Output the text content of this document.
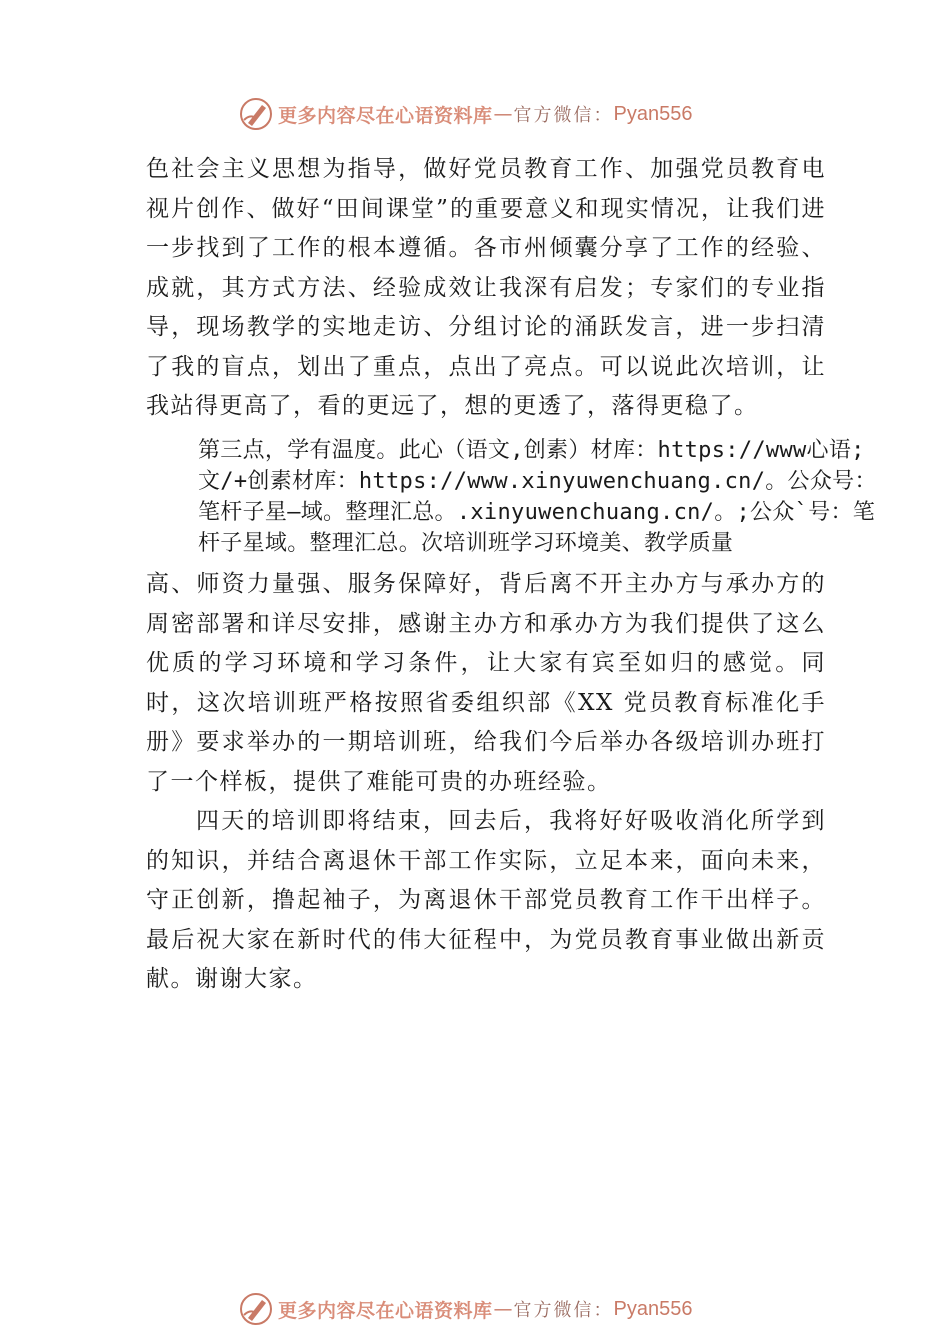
更多内容尽在心语资料库 — 官方微信： Pyan556

色社会主义思想为指导，做好党员教育工作、加强党员教育电视片创作、做好“田间课堂”的重要意义和现实情况，让我们进一步找到了工作的根本遵循。各市州倾囊分享了工作的经验、成就，其方式方法、经验成效让我深有启发；专家们的专业指导，现场教学的实地走访、分组讨论的涌跃发言，进一步扫清了我的盲点，划出了重点，点出了亮点。可以说此次培训，让我站得更高了，看的更远了，想的更透了，落得更稳了。

第三点，学有温度。此心（语文,创素）材库：https://www心语;文/+创素材库：https://www.xinyuwenchuang.cn/。公众号：笔杆子星—域。整理汇总。.xinyuwenchuang.cn/。;公众`号：笔杆子星域。整理汇总。次培训班学习环境美、教学质量

高、师资力量强、服务保障好，背后离不开主办方与承办方的周密部署和详尽安排，感谢主办方和承办方为我们提供了这么优质的学习环境和学习条件，让大家有宾至如归的感觉。同时，这次培训班严格按照省委组织部《XX 党员教育标准化手册》要求举办的一期培训班，给我们今后举办各级培训办班打了一个样板，提供了难能可贵的办班经验。

四天的培训即将结束，回去后，我将好好吸收消化所学到的知识，并结合离退休干部工作实际，立足本来，面向未来，守正创新，撸起袖子，为离退休干部党员教育工作干出样子。最后祝大家在新时代的伟大征程中，为党员教育事业做出新贡献。谢谢大家。

更多内容尽在心语资料库 — 官方微信： Pyan556
